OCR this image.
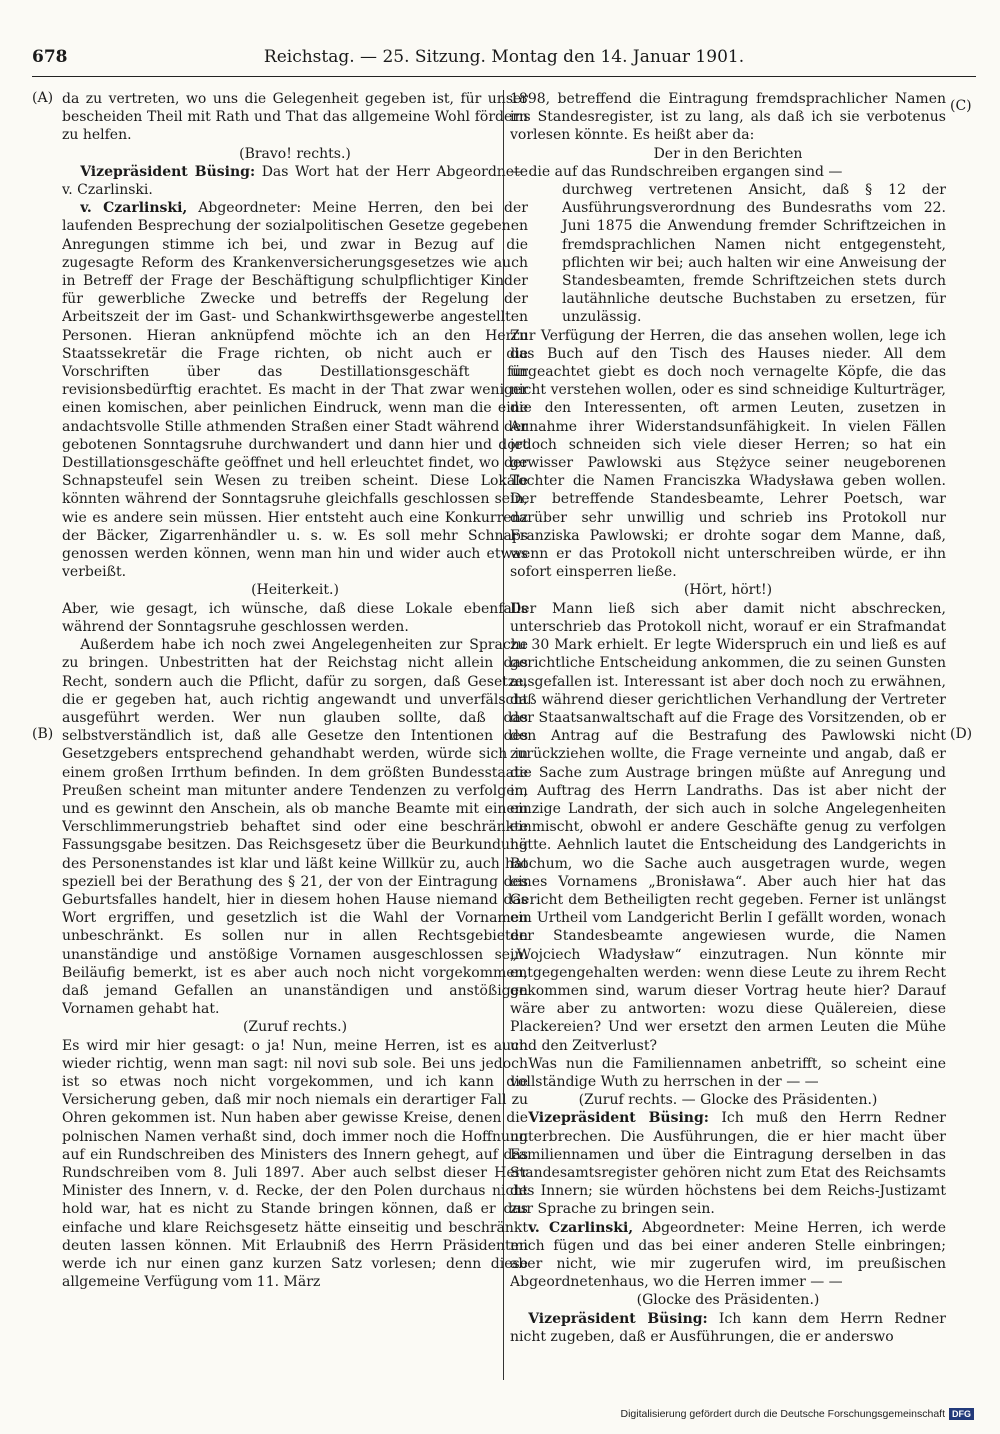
678	Reichstag. — 25. Sitzung. Montag den 14. Januar 1901.
(A)
(B)
(C)
(D)

da zu vertreten, wo uns die Gelegenheit gegeben ist, für unser bescheiden Theil mit Rath und That das allgemeine Wohl fördern zu helfen.

(Bravo! rechts.)

Vizepräsident Büsing: Das Wort hat der Herr Abgeordnete v. Czarlinski.

v. Czarlinski, Abgeordneter: Meine Herren, den bei der laufenden Besprechung der sozialpolitischen Gesetze gegebenen Anregungen stimme ich bei, und zwar in Bezug auf die zugesagte Reform des Krankenversicherungsgesetzes wie auch in Betreff der Frage der Beschäftigung schulpflichtiger Kinder für gewerbliche Zwecke und betreffs der Regelung der Arbeitszeit der im Gast- und Schankwirthsgewerbe angestellten Personen. Hieran anknüpfend möchte ich an den Herrn Staatssekretär die Frage richten, ob nicht auch er die Vorschriften über das Destillationsgeschäft für revisionsbedürftig erachtet. Es macht in der That zwar weniger einen komischen, aber peinlichen Eindruck, wenn man die eine andachtsvolle Stille athmenden Straßen einer Stadt während der gebotenen Sonntagsruhe durchwandert und dann hier und dort Destillationsgeschäfte geöffnet und hell erleuchtet findet, wo der Schnapsteufel sein Wesen zu treiben scheint. Diese Lokale könnten während der Sonntagsruhe gleichfalls geschlossen sein, wie es andere sein müssen. Hier entsteht auch eine Konkurrenz der Bäcker, Zigarrenhändler u. s. w. Es soll mehr Schnaps genossen werden können, wenn man hin und wider auch etwas verbeißt.

(Heiterkeit.)

Aber, wie gesagt, ich wünsche, daß diese Lokale ebenfalls während der Sonntagsruhe geschlossen werden.

Außerdem habe ich noch zwei Angelegenheiten zur Sprache zu bringen. Unbestritten hat der Reichstag nicht allein das Recht, sondern auch die Pflicht, dafür zu sorgen, daß Gesetze, die er gegeben hat, auch richtig angewandt und unverfälscht ausgeführt werden. Wer nun glauben sollte, daß das selbstverständlich ist, daß alle Gesetze den Intentionen des Gesetzgebers entsprechend gehandhabt werden, würde sich in einem großen Irrthum befinden. In dem größten Bundesstaate Preußen scheint man mitunter andere Tendenzen zu verfolgen, und es gewinnt den Anschein, als ob manche Beamte mit einem Verschlimmerungstrieb behaftet sind oder eine beschränkte Fassungsgabe besitzen. Das Reichsgesetz über die Beurkundung des Personenstandes ist klar und läßt keine Willkür zu, auch hat speziell bei der Berathung des § 21, der von der Eintragung des Geburtsfalles handelt, hier in diesem hohen Hause niemand das Wort ergriffen, und gesetzlich ist die Wahl der Vornamen unbeschränkt. Es sollen nur in allen Rechtsgebieten unanständige und anstößige Vornamen ausgeschlossen sein. Beiläufig bemerkt, ist es aber auch noch nicht vorgekommen, daß jemand Gefallen an unanständigen und anstößigen Vornamen gehabt hat.

(Zuruf rechts.)

Es wird mir hier gesagt: o ja! Nun, meine Herren, ist es auch wieder richtig, wenn man sagt: nil novi sub sole. Bei uns jedoch ist so etwas noch nicht vorgekommen, und ich kann die Versicherung geben, daß mir noch niemals ein derartiger Fall zu Ohren gekommen ist. Nun haben aber gewisse Kreise, denen die polnischen Namen verhaßt sind, doch immer noch die Hoffnung auf ein Rundschreiben des Ministers des Innern gehegt, auf das Rundschreiben vom 8. Juli 1897. Aber auch selbst dieser Herr Minister des Innern, v. d. Recke, der den Polen durchaus nicht hold war, hat es nicht zu Stande bringen können, daß er das einfache und klare Reichsgesetz hätte einseitig und beschränkt deuten lassen können. Mit Erlaubniß des Herrn Präsidenten werde ich nur einen ganz kurzen Satz vorlesen; denn diese allgemeine Verfügung vom 11. März

1898, betreffend die Eintragung fremdsprachlicher Namen ins Standesregister, ist zu lang, als daß ich sie verbotenus vorlesen könnte. Es heißt aber da:

Der in den Berichten

— die auf das Rundschreiben ergangen sind —

durchweg vertretenen Ansicht, daß § 12 der Ausführungsverordnung des Bundesraths vom 22. Juni 1875 die Anwendung fremder Schriftzeichen in fremdsprachlichen Namen nicht entgegensteht, pflichten wir bei; auch halten wir eine Anweisung der Standesbeamten, fremde Schriftzeichen stets durch lautähnliche deutsche Buchstaben zu ersetzen, für unzulässig.

Zur Verfügung der Herren, die das ansehen wollen, lege ich das Buch auf den Tisch des Hauses nieder. All dem ungeachtet giebt es doch noch vernagelte Köpfe, die das nicht verstehen wollen, oder es sind schneidige Kulturträger, die den Interessenten, oft armen Leuten, zusetzen in Annahme ihrer Widerstandsunfähigkeit. In vielen Fällen jedoch schneiden sich viele dieser Herren; so hat ein gewisser Pawlowski aus Stężyce seiner neugeborenen Tochter die Namen Franciszka Władysława geben wollen. Der betreffende Standesbeamte, Lehrer Poetsch, war darüber sehr unwillig und schrieb ins Protokoll nur Franziska Pawlowski; er drohte sogar dem Manne, daß, wenn er das Protokoll nicht unterschreiben würde, er ihn sofort einsperren ließe.

(Hört, hört!)

Der Mann ließ sich aber damit nicht abschrecken, unterschrieb das Protokoll nicht, worauf er ein Strafmandat zu 30 Mark erhielt. Er legte Widerspruch ein und ließ es auf gerichtliche Entscheidung ankommen, die zu seinen Gunsten ausgefallen ist. Interessant ist aber doch noch zu erwähnen, daß während dieser gerichtlichen Verhandlung der Vertreter der Staatsanwaltschaft auf die Frage des Vorsitzenden, ob er den Antrag auf die Bestrafung des Pawlowski nicht zurückziehen wollte, die Frage verneinte und angab, daß er die Sache zum Austrage bringen müßte auf Anregung und im Auftrag des Herrn Landraths. Das ist aber nicht der einzige Landrath, der sich auch in solche Angelegenheiten einmischt, obwohl er andere Geschäfte genug zu verfolgen hätte. Aehnlich lautet die Entscheidung des Landgerichts in Bochum, wo die Sache auch ausgetragen wurde, wegen eines Vornamens „Bronisława“. Aber auch hier hat das Gericht dem Betheiligten recht gegeben. Ferner ist unlängst ein Urtheil vom Landgericht Berlin I gefällt worden, wonach der Standesbeamte angewiesen wurde, die Namen „Wojciech Władysław“ einzutragen. Nun könnte mir entgegengehalten werden: wenn diese Leute zu ihrem Recht gekommen sind, warum dieser Vortrag heute hier? Darauf wäre aber zu antworten: wozu diese Quälereien, diese Plackereien? Und wer ersetzt den armen Leuten die Mühe und den Zeitverlust?

Was nun die Familiennamen anbetrifft, so scheint eine vollständige Wuth zu herrschen in der — —

(Zuruf rechts. — Glocke des Präsidenten.)

Vizepräsident Büsing: Ich muß den Herrn Redner unterbrechen. Die Ausführungen, die er hier macht über Familiennamen und über die Eintragung derselben in das Standesamtsregister gehören nicht zum Etat des Reichsamts des Innern; sie würden höchstens bei dem Reichs-Justizamt zur Sprache zu bringen sein.

v. Czarlinski, Abgeordneter: Meine Herren, ich werde mich fügen und das bei einer anderen Stelle einbringen; aber nicht, wie mir zugerufen wird, im preußischen Abgeordnetenhaus, wo die Herren immer — —

(Glocke des Präsidenten.)

Vizepräsident Büsing: Ich kann dem Herrn Redner nicht zugeben, daß er Ausführungen, die er anderswo

Digitalisierung gefördert durch die Deutsche Forschungsgemeinschaft DFG
